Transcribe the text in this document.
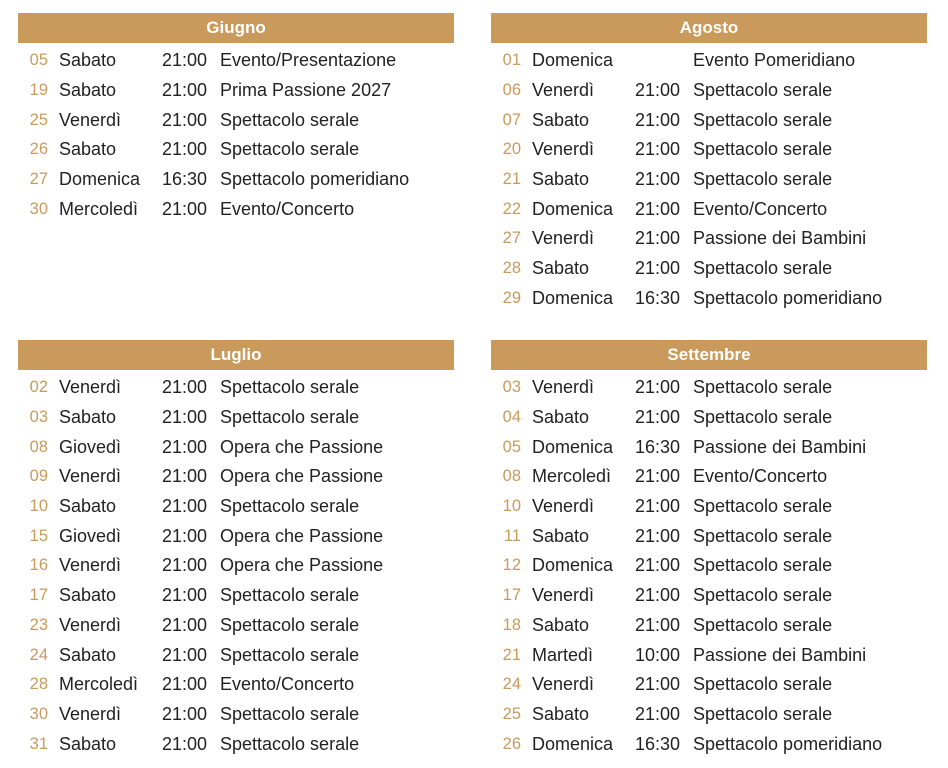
Giugno
05 Sabato	21:00 Evento/Presentazione
19 Sabato	21:00 Prima Passione 2027
25 Venerdì	21:00 Spettacolo serale
26 Sabato	21:00 Spettacolo serale
27 Domenica	16:30 Spettacolo pomeridiano
30 Mercoledì	21:00 Evento/Concerto
Agosto
01 Domenica	Evento Pomeridiano
06 Venerdì	21:00 Spettacolo serale
07 Sabato	21:00 Spettacolo serale
20 Venerdì	21:00 Spettacolo serale
21 Sabato	21:00 Spettacolo serale
22 Domenica	21:00 Evento/Concerto
27 Venerdì	21:00 Passione dei Bambini
28 Sabato	21:00 Spettacolo serale
29 Domenica	16:30 Spettacolo pomeridiano
Luglio
02 Venerdì	21:00 Spettacolo serale
03 Sabato	21:00 Spettacolo serale
08 Giovedì	21:00 Opera che Passione
09 Venerdì	21:00 Opera che Passione
10 Sabato	21:00 Spettacolo serale
15 Giovedì	21:00 Opera che Passione
16 Venerdì	21:00 Opera che Passione
17 Sabato	21:00 Spettacolo serale
23 Venerdì	21:00 Spettacolo serale
24 Sabato	21:00 Spettacolo serale
28 Mercoledì	21:00 Evento/Concerto
30 Venerdì	21:00 Spettacolo serale
31 Sabato	21:00 Spettacolo serale
Settembre
03 Venerdì	21:00 Spettacolo serale
04 Sabato	21:00 Spettacolo serale
05 Domenica	16:30 Passione dei Bambini
08 Mercoledì	21:00 Evento/Concerto
10 Venerdì	21:00 Spettacolo serale
11 Sabato	21:00 Spettacolo serale
12 Domenica	21:00 Spettacolo serale
17 Venerdì	21:00 Spettacolo serale
18 Sabato	21:00 Spettacolo serale
21 Martedì	10:00 Passione dei Bambini
24 Venerdì	21:00 Spettacolo serale
25 Sabato	21:00 Spettacolo serale
26 Domenica	16:30 Spettacolo pomeridiano
